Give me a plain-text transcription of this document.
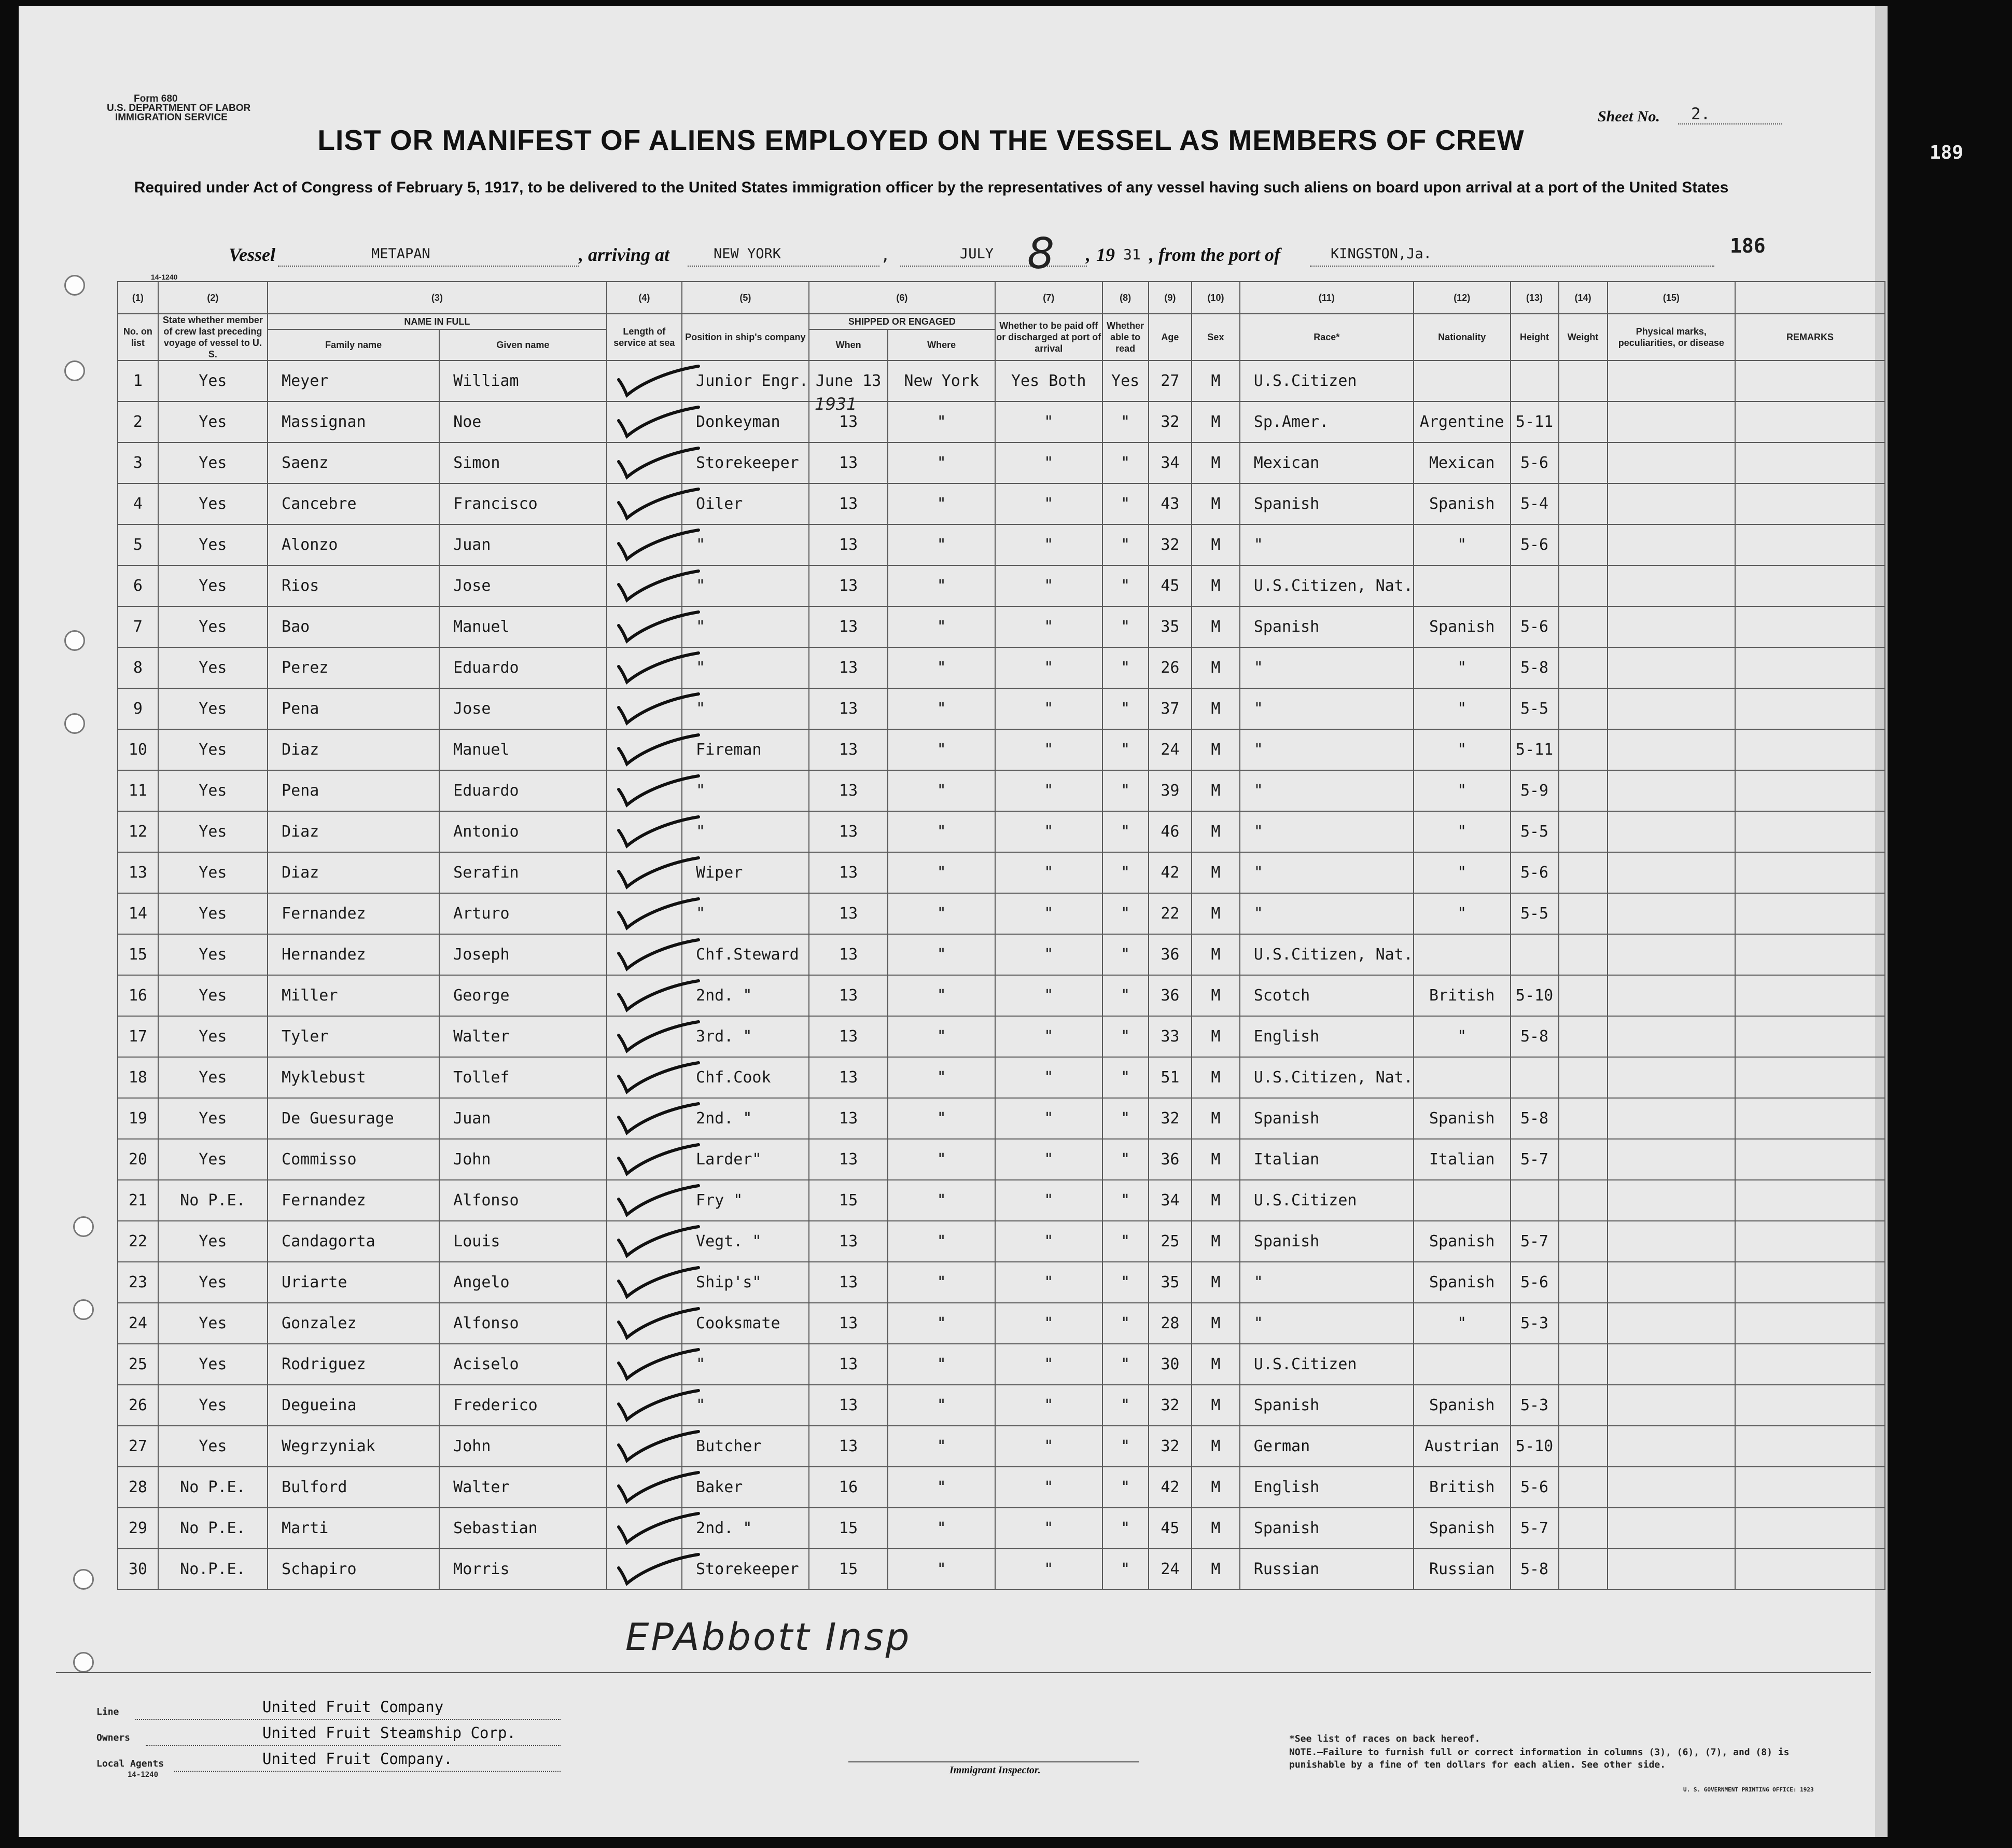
Form 680
U.S. DEPARTMENT OF LABOR
IMMIGRATION SERVICE	Sheet No. 2.
189
LIST OR MANIFEST OF ALIENS EMPLOYED ON THE VESSEL AS MEMBERS OF CREW
Required under Act of Congress of February 5, 1917, to be delivered to the United States immigration officer by the representatives of any vessel having such aliens on board upon arrival at a port of the United States
Vessel	METAPAN	, arriving at	NEW YORK	,	JULY 8 , 19 31 , from the port of	KINGSTON,Ja.	186
14-1240
(1)	(2)	(3)		(4)	(5)	(6)		(7)	(8)	(9)	(10)	(11)	(12)	(13)	(14)	(15)	
No. on list	State whether member of crew last preceding voyage of vessel to U. S.	NAME IN FULL		Length of service at sea	Position in ship's company	SHIPPED OR ENGAGED		Whether to be paid off or discharged at port of arrival	Whether able to read	Age	Sex	Race*	Nationality	Height	Weight	Physical marks, peculiarities, or disease	REMARKS
		Family name	Given name			When	Where										
1	Yes	Meyer	William		Junior Engr.	June 13	New York	Yes Both	Yes	27	M	U.S.Citizen					
2	Yes	Massignan	Noe		Donkeyman	13	"	"	"	32	M	Sp.Amer.	Argentine	5-11			
3	Yes	Saenz	Simon		Storekeeper	13	"	"	"	34	M	Mexican	Mexican	5-6			
4	Yes	Cancebre	Francisco		Oiler	13	"	"	"	43	M	Spanish	Spanish	5-4			
5	Yes	Alonzo	Juan		"	13	"	"	"	32	M	"	"	5-6			
6	Yes	Rios	Jose		"	13	"	"	"	45	M	U.S.Citizen, Nat.					
7	Yes	Bao	Manuel		"	13	"	"	"	35	M	Spanish	Spanish	5-6			
8	Yes	Perez	Eduardo		"	13	"	"	"	26	M	"	"	5-8			
9	Yes	Pena	Jose		"	13	"	"	"	37	M	"	"	5-5			
10	Yes	Diaz	Manuel		Fireman	13	"	"	"	24	M	"	"	5-11			
11	Yes	Pena	Eduardo		"	13	"	"	"	39	M	"	"	5-9			
12	Yes	Diaz	Antonio		"	13	"	"	"	46	M	"	"	5-5			
13	Yes	Diaz	Serafin		Wiper	13	"	"	"	42	M	"	"	5-6			
14	Yes	Fernandez	Arturo		"	13	"	"	"	22	M	"	"	5-5			
15	Yes	Hernandez	Joseph		Chf.Steward	13	"	"	"	36	M	U.S.Citizen, Nat.					
16	Yes	Miller	George		2nd. "	13	"	"	"	36	M	Scotch	British	5-10			
17	Yes	Tyler	Walter		3rd. "	13	"	"	"	33	M	English	"	5-8			
18	Yes	Myklebust	Tollef		Chf.Cook	13	"	"	"	51	M	U.S.Citizen, Nat.					
19	Yes	De Guesurage	Juan		2nd. "	13	"	"	"	32	M	Spanish	Spanish	5-8			
20	Yes	Commisso	John		Larder"	13	"	"	"	36	M	Italian	Italian	5-7			
21	No P.E.	Fernandez	Alfonso		Fry "	15	"	"	"	34	M	U.S.Citizen					
22	Yes	Candagorta	Louis		Vegt. "	13	"	"	"	25	M	Spanish	Spanish	5-7			
23	Yes	Uriarte	Angelo		Ship's"	13	"	"	"	35	M	"	Spanish	5-6			
24	Yes	Gonzalez	Alfonso		Cooksmate	13	"	"	"	28	M	"	"	5-3			
25	Yes	Rodriguez	Aciselo		"	13	"	"	"	30	M	U.S.Citizen					
26	Yes	Degueina	Frederico		"	13	"	"	"	32	M	Spanish	Spanish	5-3			
27	Yes	Wegrzyniak	John		Butcher	13	"	"	"	32	M	German	Austrian	5-10			
28	No P.E.	Bulford	Walter		Baker	16	"	"	"	42	M	English	British	5-6			
29	No P.E.	Marti	Sebastian		2nd. "	15	"	"	"	45	M	Spanish	Spanish	5-7			
30	No.P.E.	Schapiro	Morris		Storekeeper	15	"	"	"	24	M	Russian	Russian	5-8			
1931
EPAbbott Insp
Line	United Fruit Company
Owners	United Fruit Steamship Corp.
Local Agents	United Fruit Company.
14-1240	Immigrant Inspector.
*See list of races on back hereof.
NOTE.—Failure to furnish full or correct information in columns (3), (6), (7), and (8) is punishable by a fine of ten dollars for each alien. See other side.
U. S. GOVERNMENT PRINTING OFFICE: 1923
